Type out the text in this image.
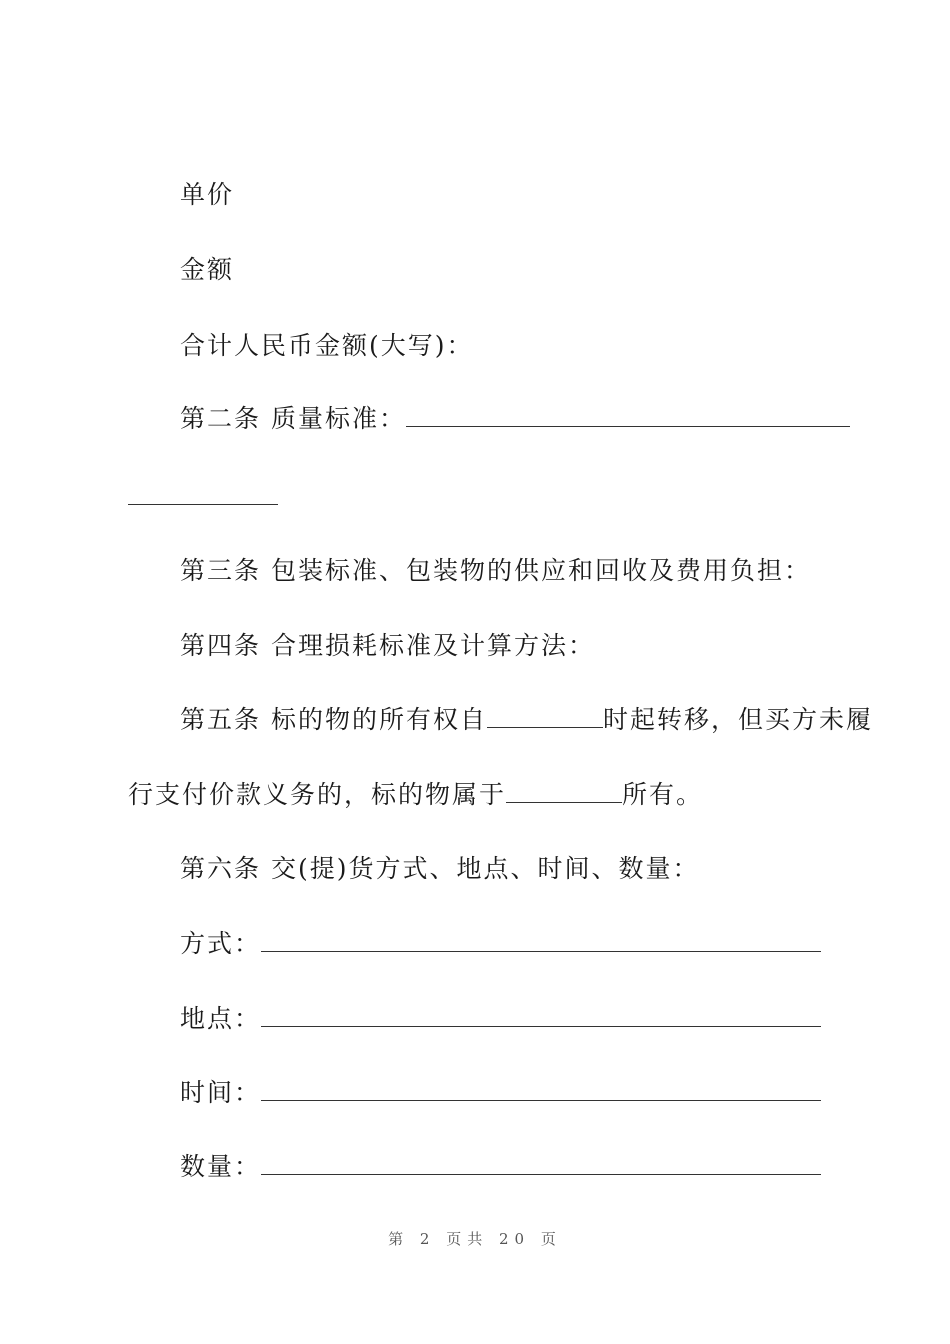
单价
金额
合计人民币金额(大写)：
第二条 质量标准：
第三条 包装标准、包装物的供应和回收及费用负担：
第四条 合理损耗标准及计算方法：
第五条 标的物的所有权自	时起转移，但买方未履
行支付价款义务的，标的物属于	所有。
第六条 交(提)货方式、地点、时间、数量：
方式：
地点：
时间：
数量：
第 2 页共 20 页
